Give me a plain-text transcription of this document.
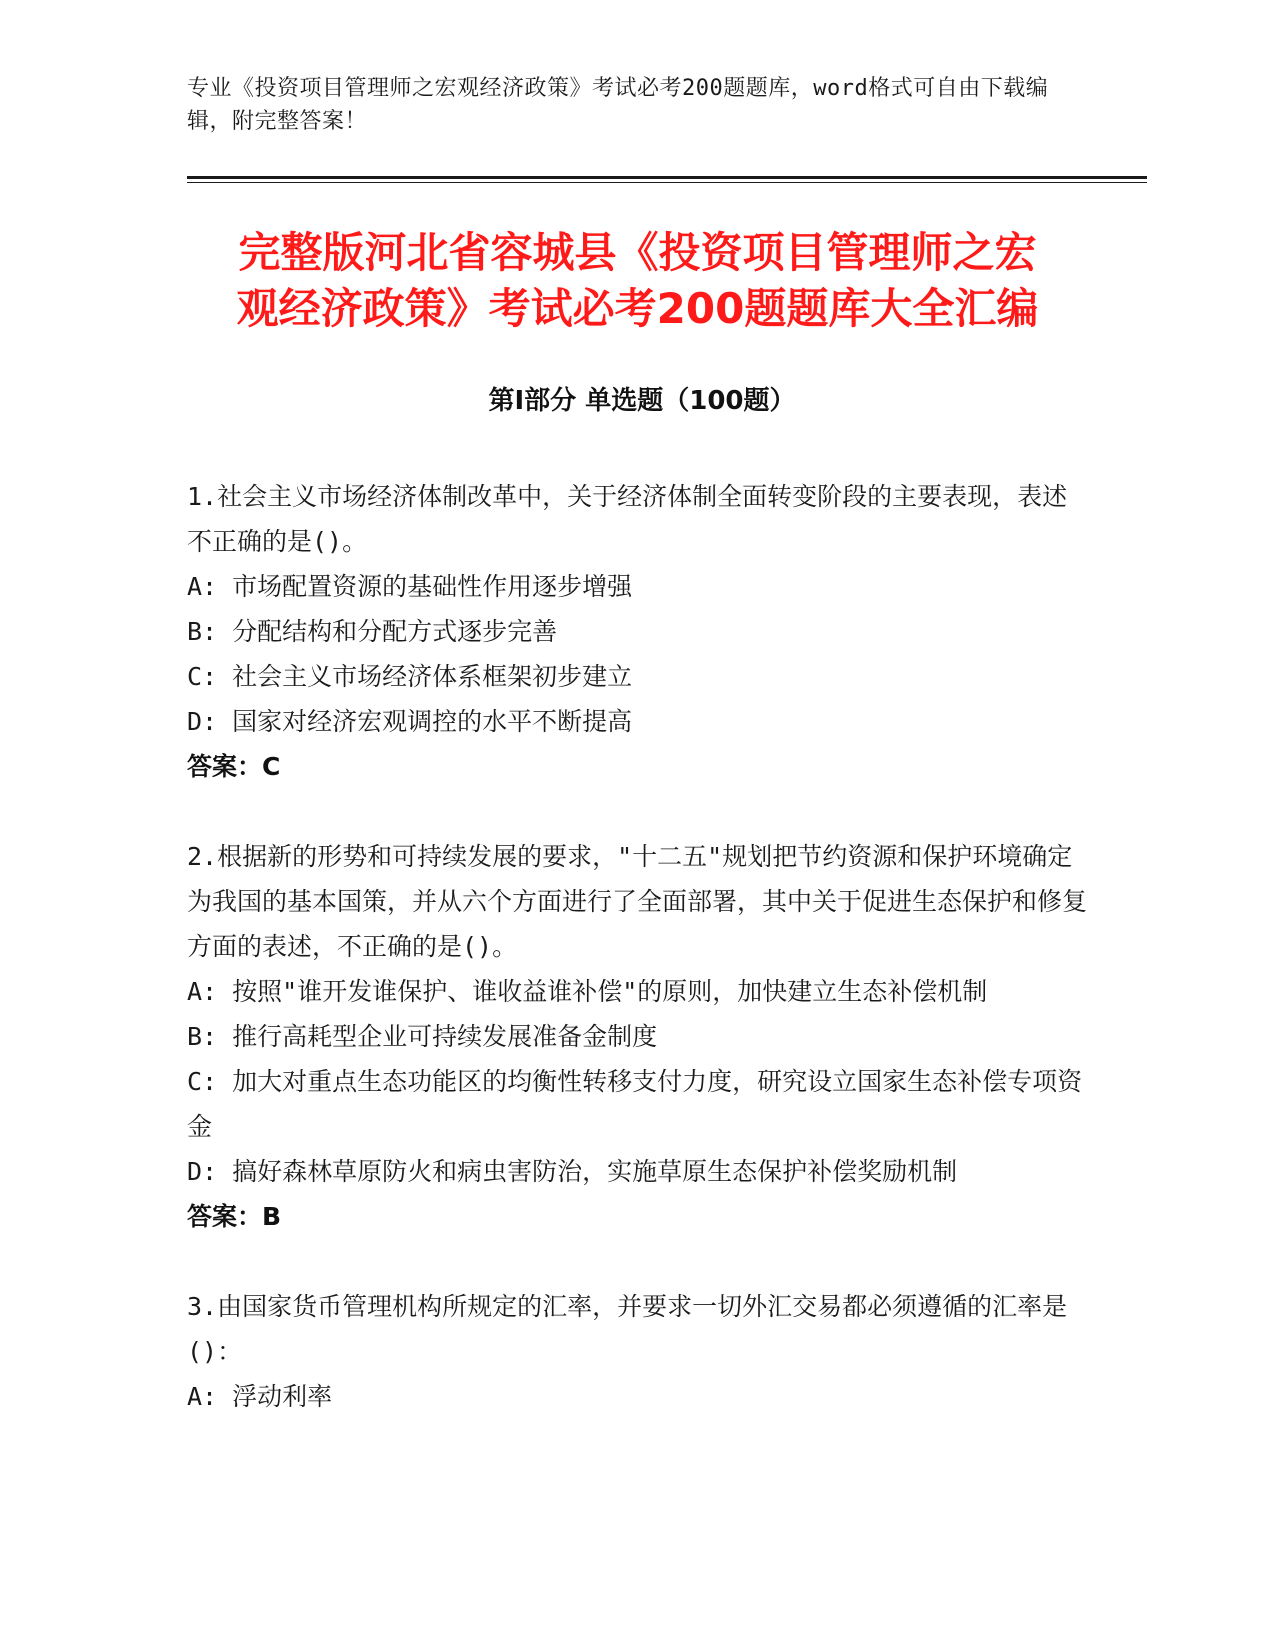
专业《投资项目管理师之宏观经济政策》考试必考200题题库，word格式可自由下载编辑，附完整答案！
完整版河北省容城县《投资项目管理师之宏
观经济政策》考试必考200题题库大全汇编
第Ⅰ部分 单选题（100题）

1.社会主义市场经济体制改革中，关于经济体制全面转变阶段的主要表现，表述不正确的是()。

A: 市场配置资源的基础性作用逐步增强

B: 分配结构和分配方式逐步完善

C: 社会主义市场经济体系框架初步建立

D: 国家对经济宏观调控的水平不断提高

答案：C

2.根据新的形势和可持续发展的要求，"十二五"规划把节约资源和保护环境确定为我国的基本国策，并从六个方面进行了全面部署，其中关于促进生态保护和修复方面的表述，不正确的是()。

A: 按照"谁开发谁保护、谁收益谁补偿"的原则，加快建立生态补偿机制

B: 推行高耗型企业可持续发展准备金制度

C: 加大对重点生态功能区的均衡性转移支付力度，研究设立国家生态补偿专项资金

D: 搞好森林草原防火和病虫害防治，实施草原生态保护补偿奖励机制

答案：B

3.由国家货币管理机构所规定的汇率，并要求一切外汇交易都必须遵循的汇率是()：

A: 浮动利率
